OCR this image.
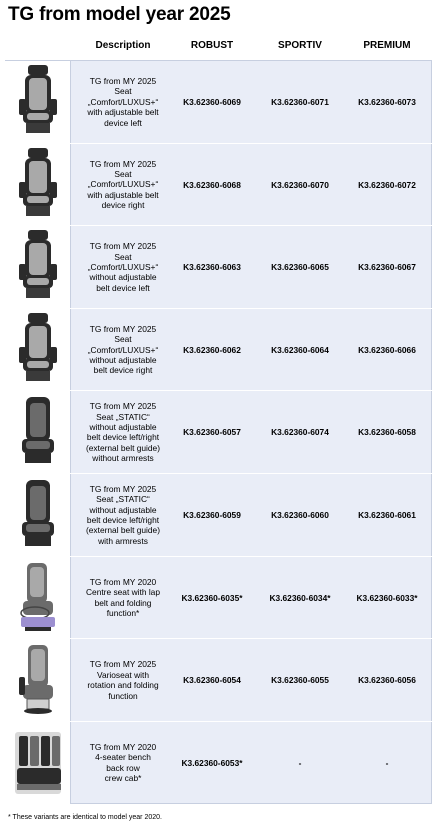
TG from model year 2025
Description	ROBUST	SPORTIV	PREMIUM
TG from MY 2025
Seat
„Comfort/LUXUS+“
with adjustable belt
device left
K3.62360-6069	K3.62360-6071	K3.62360-6073
TG from MY 2025
Seat
„Comfort/LUXUS+“
with adjustable belt
device right
K3.62360-6068	K3.62360-6070	K3.62360-6072
TG from MY 2025
Seat
„Comfort/LUXUS+“
without adjustable
belt device left
K3.62360-6063	K3.62360-6065	K3.62360-6067
TG from MY 2025
Seat
„Comfort/LUXUS+“
without adjustable
belt device right
K3.62360-6062	K3.62360-6064	K3.62360-6066
TG from MY 2025
Seat „STATIC“
without adjustable
belt device left/right
(external belt guide)
without armrests
K3.62360-6057	K3.62360-6074	K3.62360-6058
TG from MY 2025
Seat „STATIC“
without adjustable
belt device left/right
(external belt guide)
with armrests
K3.62360-6059	K3.62360-6060	K3.62360-6061
TG from MY 2020
Centre seat with lap
belt and folding
function*
K3.62360-6035*	K3.62360-6034*	K3.62360-6033*
TG from MY 2025
Varioseat with
rotation and folding
function
K3.62360-6054	K3.62360-6055	K3.62360-6056
TG from MY 2020
4-seater bench
back row
crew cab*
K3.62360-6053*	-	-
* These variants are identical to model year 2020.
